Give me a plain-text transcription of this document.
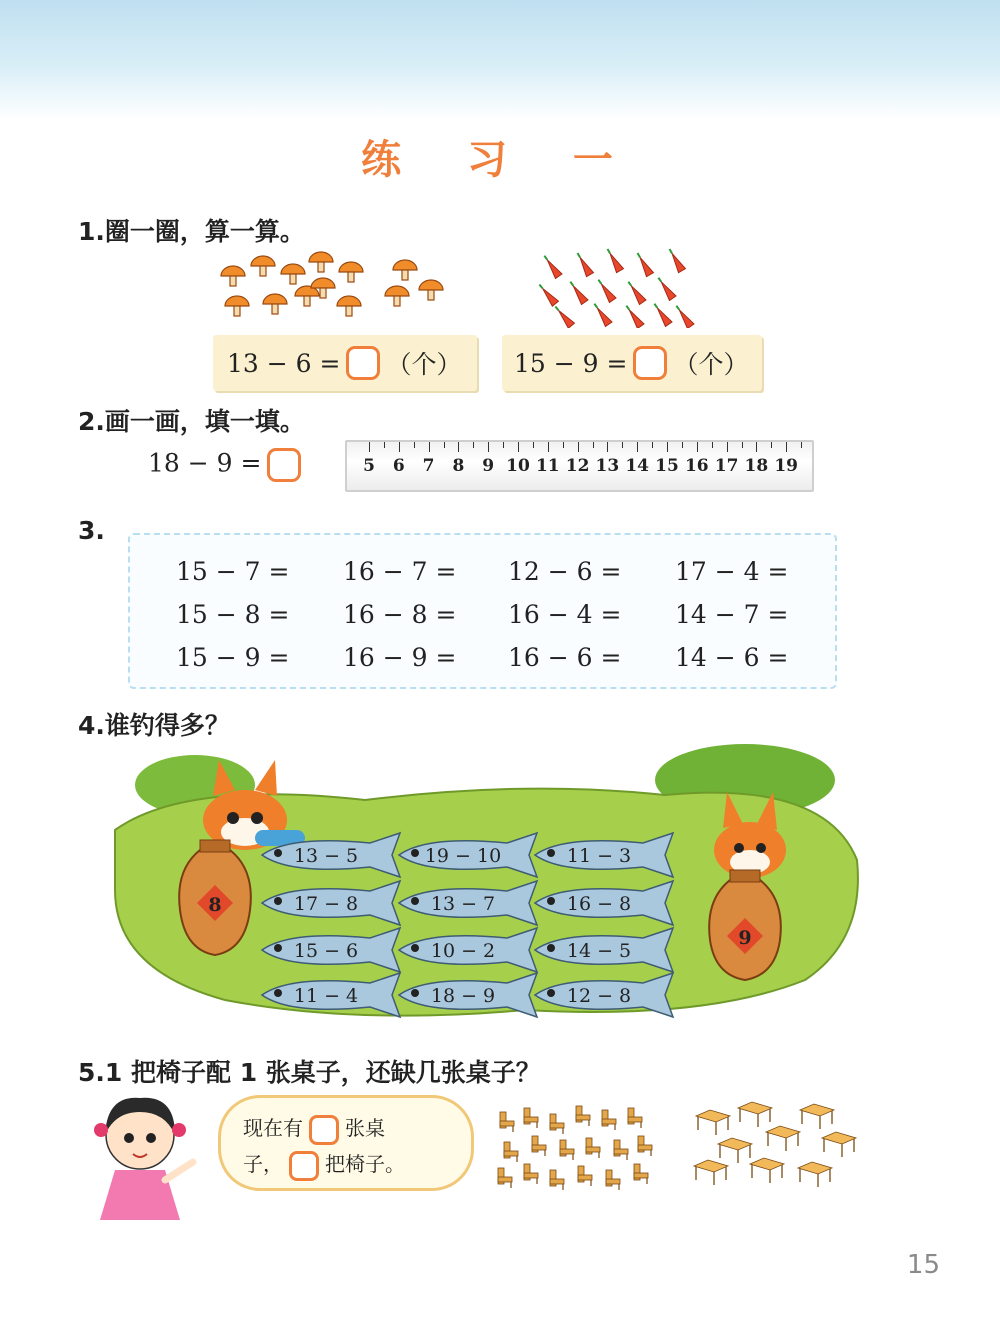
练 习 一
1.圈一圈，算一算。
13 − 6 = （个） 15 − 9 = （个）
2.画一画，填一填。
18 − 9 =	5 6 7 8 9 10 11 12 13 14 15 16 17 18 19
3.
15 − 7 = 16 − 7 = 12 − 6 = 17 − 4 =
15 − 8 = 16 − 8 = 16 − 4 = 14 − 7 =
15 − 9 = 16 − 9 = 16 − 6 = 14 − 6 =
4.谁钓得多？
8
9
13 − 5	19 − 10	11 − 3
17 − 8	13 − 7	16 − 8
15 − 6	10 − 2	14 − 5
11 − 4	18 − 9	12 − 8
5.1 把椅子配 1 张桌子，还缺几张桌子？
现在有 张桌
子， 把椅子。
15
